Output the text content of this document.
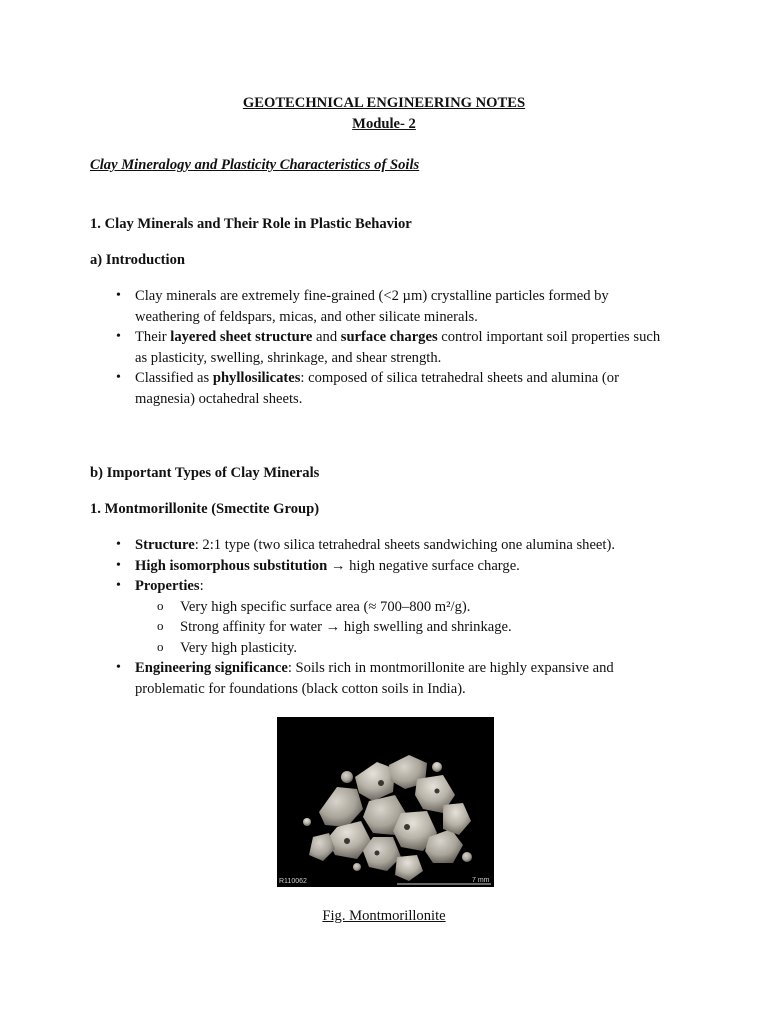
GEOTECHNICAL ENGINEERING NOTES
Module- 2
Clay Mineralogy and Plasticity Characteristics of Soils
1. Clay Minerals and Their Role in Plastic Behavior
a) Introduction
• Clay minerals are extremely fine-grained (<2 µm) crystalline particles formed by weathering of feldspars, micas, and other silicate minerals.
• Their layered sheet structure and surface charges control important soil properties such as plasticity, swelling, shrinkage, and shear strength.
• Classified as phyllosilicates: composed of silica tetrahedral sheets and alumina (or magnesia) octahedral sheets.
b) Important Types of Clay Minerals
1. Montmorillonite (Smectite Group)
• Structure: 2:1 type (two silica tetrahedral sheets sandwiching one alumina sheet).
• High isomorphous substitution → high negative surface charge.
• Properties:
o Very high specific surface area (≈ 700–800 m²/g).
o Strong affinity for water → high swelling and shrinkage.
o Very high plasticity.
• Engineering significance: Soils rich in montmorillonite are highly expansive and problematic for foundations (black cotton soils in India).
R110062	7 mm
Fig. Montmorillonite
